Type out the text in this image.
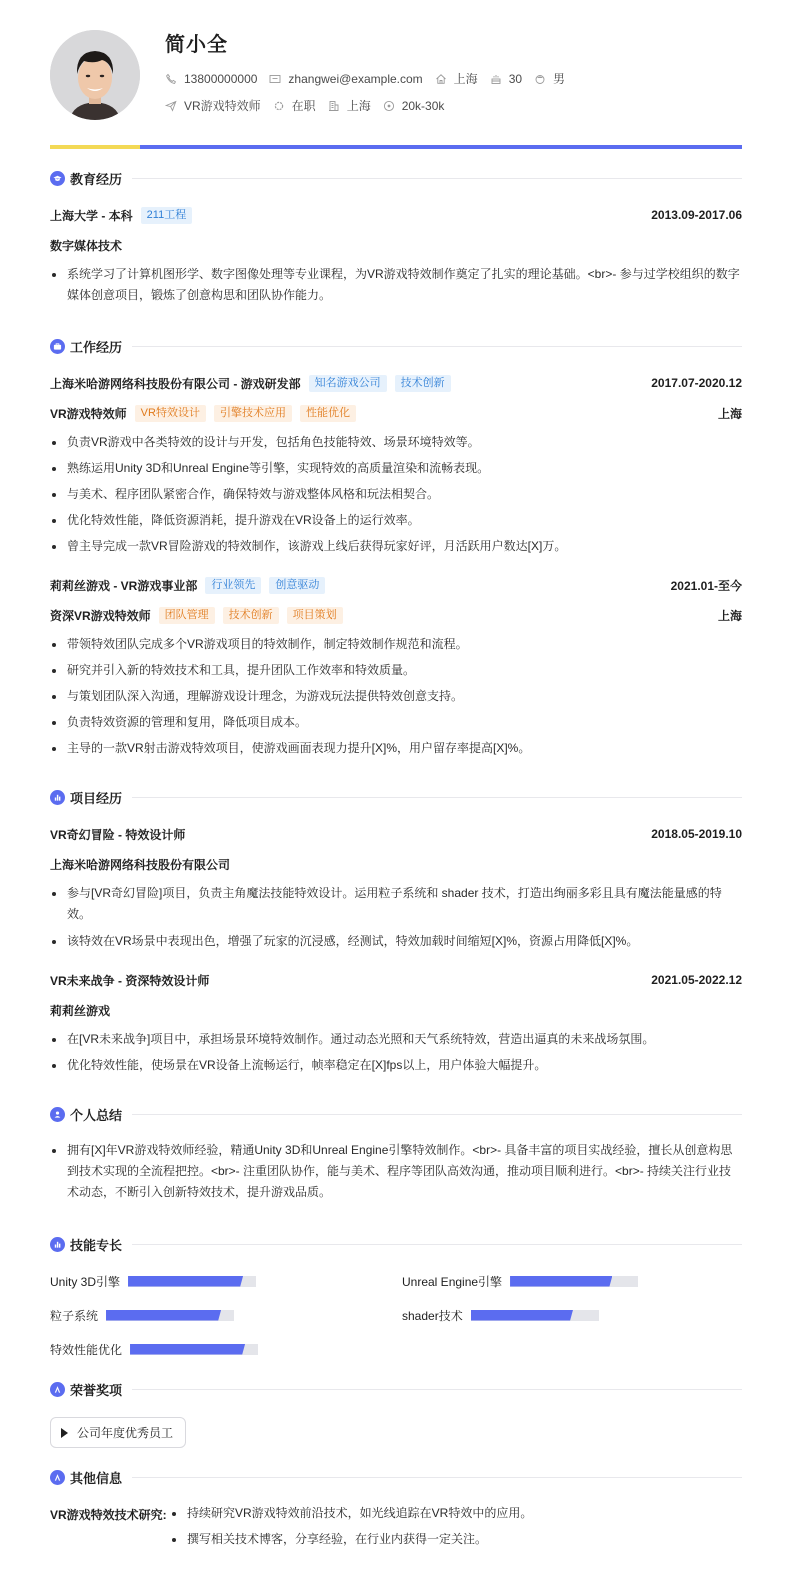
简小全
13800000000	zhangwei@example.com	上海	30	男
VR游戏特效师	在职	上海	20k-30k
教育经历
上海大学 - 本科	211工程	2013.09-2017.06
数字媒体技术
系统学习了计算机图形学、数字图像处理等专业课程，为VR游戏特效制作奠定了扎实的理论基础。<br>- 参与过学校组织的数字媒体创意项目，锻炼了创意构思和团队协作能力。
工作经历
上海米哈游网络科技股份有限公司 - 游戏研发部	知名游戏公司	技术创新	2017.07-2020.12
VR游戏特效师	VR特效设计	引擎技术应用	性能优化	上海
负责VR游戏中各类特效的设计与开发，包括角色技能特效、场景环境特效等。
熟练运用Unity 3D和Unreal Engine等引擎，实现特效的高质量渲染和流畅表现。
与美术、程序团队紧密合作，确保特效与游戏整体风格和玩法相契合。
优化特效性能，降低资源消耗，提升游戏在VR设备上的运行效率。
曾主导完成一款VR冒险游戏的特效制作，该游戏上线后获得玩家好评，月活跃用户数达[X]万。
莉莉丝游戏 - VR游戏事业部	行业领先	创意驱动	2021.01-至今
资深VR游戏特效师	团队管理	技术创新	项目策划	上海
带领特效团队完成多个VR游戏项目的特效制作，制定特效制作规范和流程。
研究并引入新的特效技术和工具，提升团队工作效率和特效质量。
与策划团队深入沟通，理解游戏设计理念，为游戏玩法提供特效创意支持。
负责特效资源的管理和复用，降低项目成本。
主导的一款VR射击游戏特效项目，使游戏画面表现力提升[X]%，用户留存率提高[X]%。
项目经历
VR奇幻冒险 - 特效设计师	2018.05-2019.10
上海米哈游网络科技股份有限公司
参与[VR奇幻冒险]项目，负责主角魔法技能特效设计。运用粒子系统和 shader 技术，打造出绚丽多彩且具有魔法能量感的特效。
该特效在VR场景中表现出色，增强了玩家的沉浸感，经测试，特效加载时间缩短[X]%，资源占用降低[X]%。
VR未来战争 - 资深特效设计师	2021.05-2022.12
莉莉丝游戏
在[VR未来战争]项目中，承担场景环境特效制作。通过动态光照和天气系统特效，营造出逼真的未来战场氛围。
优化特效性能，使场景在VR设备上流畅运行，帧率稳定在[X]fps以上，用户体验大幅提升。
个人总结
拥有[X]年VR游戏特效师经验，精通Unity 3D和Unreal Engine引擎特效制作。<br>- 具备丰富的项目实战经验，擅长从创意构思到技术实现的全流程把控。<br>- 注重团队协作，能与美术、程序等团队高效沟通，推动项目顺利进行。<br>- 持续关注行业技术动态，不断引入创新特效技术，提升游戏品质。
技能专长
Unity 3D引擎	Unreal Engine引擎
粒子系统	shader技术
特效性能优化
荣誉奖项
公司年度优秀员工
其他信息
VR游戏特效技术研究:	持续研究VR游戏特效前沿技术，如光线追踪在VR特效中的应用。
撰写相关技术博客，分享经验，在行业内获得一定关注。
